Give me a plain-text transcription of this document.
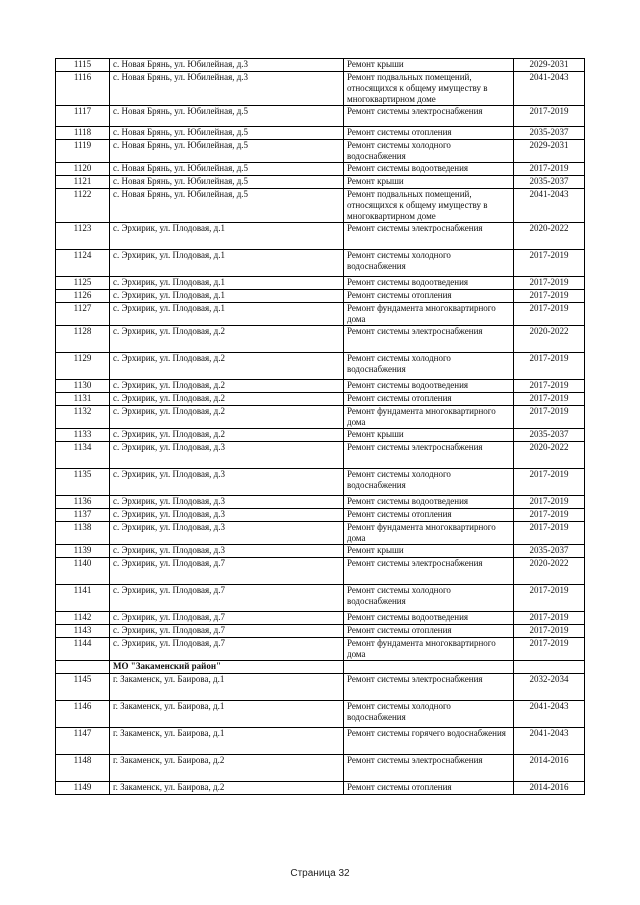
1115	с. Новая Брянь, ул. Юбилейная, д.3	Ремонт крыши	2029-2031
1116	с. Новая Брянь, ул. Юбилейная, д.3	Ремонт подвальных помещений, относящихся к общему имуществу в многоквартирном доме	2041-2043
1117	с. Новая Брянь, ул. Юбилейная, д.5	Ремонт системы электроснабжения	2017-2019
1118	с. Новая Брянь, ул. Юбилейная, д.5	Ремонт системы отопления	2035-2037
1119	с. Новая Брянь, ул. Юбилейная, д.5	Ремонт системы холодного водоснабжения	2029-2031
1120	с. Новая Брянь, ул. Юбилейная, д.5	Ремонт системы водоотведения	2017-2019
1121	с. Новая Брянь, ул. Юбилейная, д.5	Ремонт крыши	2035-2037
1122	с. Новая Брянь, ул. Юбилейная, д.5	Ремонт подвальных помещений, относящихся к общему имуществу в многоквартирном доме	2041-2043
1123	с. Эрхирик, ул. Плодовая, д.1	Ремонт системы электроснабжения	2020-2022
1124	с. Эрхирик, ул. Плодовая, д.1	Ремонт системы холодного водоснабжения	2017-2019
1125	с. Эрхирик, ул. Плодовая, д.1	Ремонт системы водоотведения	2017-2019
1126	с. Эрхирик, ул. Плодовая, д.1	Ремонт системы отопления	2017-2019
1127	с. Эрхирик, ул. Плодовая, д.1	Ремонт фундамента многоквартирного дома	2017-2019
1128	с. Эрхирик, ул. Плодовая, д.2	Ремонт системы электроснабжения	2020-2022
1129	с. Эрхирик, ул. Плодовая, д.2	Ремонт системы холодного водоснабжения	2017-2019
1130	с. Эрхирик, ул. Плодовая, д.2	Ремонт системы водоотведения	2017-2019
1131	с. Эрхирик, ул. Плодовая, д.2	Ремонт системы отопления	2017-2019
1132	с. Эрхирик, ул. Плодовая, д.2	Ремонт фундамента многоквартирного дома	2017-2019
1133	с. Эрхирик, ул. Плодовая, д.2	Ремонт крыши	2035-2037
1134	с. Эрхирик, ул. Плодовая, д.3	Ремонт системы электроснабжения	2020-2022
1135	с. Эрхирик, ул. Плодовая, д.3	Ремонт системы холодного водоснабжения	2017-2019
1136	с. Эрхирик, ул. Плодовая, д.3	Ремонт системы водоотведения	2017-2019
1137	с. Эрхирик, ул. Плодовая, д.3	Ремонт системы отопления	2017-2019
1138	с. Эрхирик, ул. Плодовая, д.3	Ремонт фундамента многоквартирного дома	2017-2019
1139	с. Эрхирик, ул. Плодовая, д.3	Ремонт крыши	2035-2037
1140	с. Эрхирик, ул. Плодовая, д.7	Ремонт системы электроснабжения	2020-2022
1141	с. Эрхирик, ул. Плодовая, д.7	Ремонт системы холодного водоснабжения	2017-2019
1142	с. Эрхирик, ул. Плодовая, д.7	Ремонт системы водоотведения	2017-2019
1143	с. Эрхирик, ул. Плодовая, д.7	Ремонт системы отопления	2017-2019
1144	с. Эрхирик, ул. Плодовая, д.7	Ремонт фундамента многоквартирного дома	2017-2019
	МО "Закаменский район"		
1145	г. Закаменск, ул. Баирова, д.1	Ремонт системы электроснабжения	2032-2034
1146	г. Закаменск, ул. Баирова, д.1	Ремонт системы холодного водоснабжения	2041-2043
1147	г. Закаменск, ул. Баирова, д.1	Ремонт системы горячего водоснабжения	2041-2043
1148	г. Закаменск, ул. Баирова, д.2	Ремонт системы электроснабжения	2014-2016
1149	г. Закаменск, ул. Баирова, д.2	Ремонт системы отопления	2014-2016
Страница 32
